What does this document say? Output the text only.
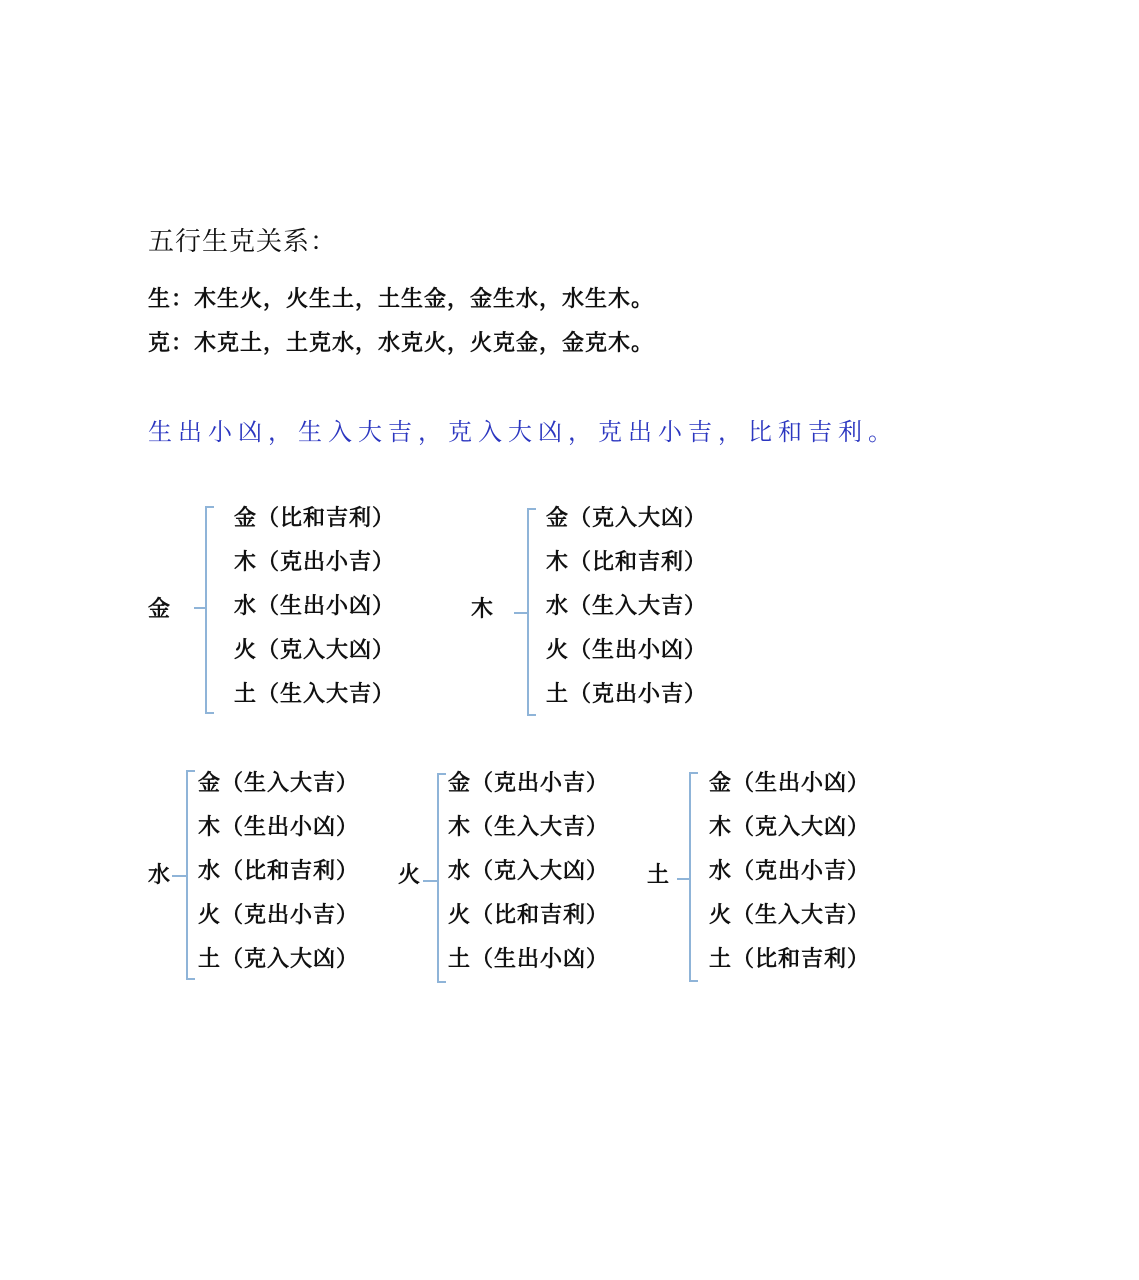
五行生克关系：
生：木生火，火生土，土生金，金生水，水生木。
克：木克土，土克水，水克火，火克金，金克木。
生出小凶，生入大吉，克入大凶，克出小吉，比和吉利。
金
金（比和吉利）
木（克出小吉）
水（生出小凶）
火（克入大凶）
土（生入大吉）
木
金（克入大凶）
木（比和吉利）
水（生入大吉）
火（生出小凶）
土（克出小吉）
水
金（生入大吉）
木（生出小凶）
水（比和吉利）
火（克出小吉）
土（克入大凶）
火
金（克出小吉）
木（生入大吉）
水（克入大凶）
火（比和吉利）
土（生出小凶）
土
金（生出小凶）
木（克入大凶）
水（克出小吉）
火（生入大吉）
土（比和吉利）
